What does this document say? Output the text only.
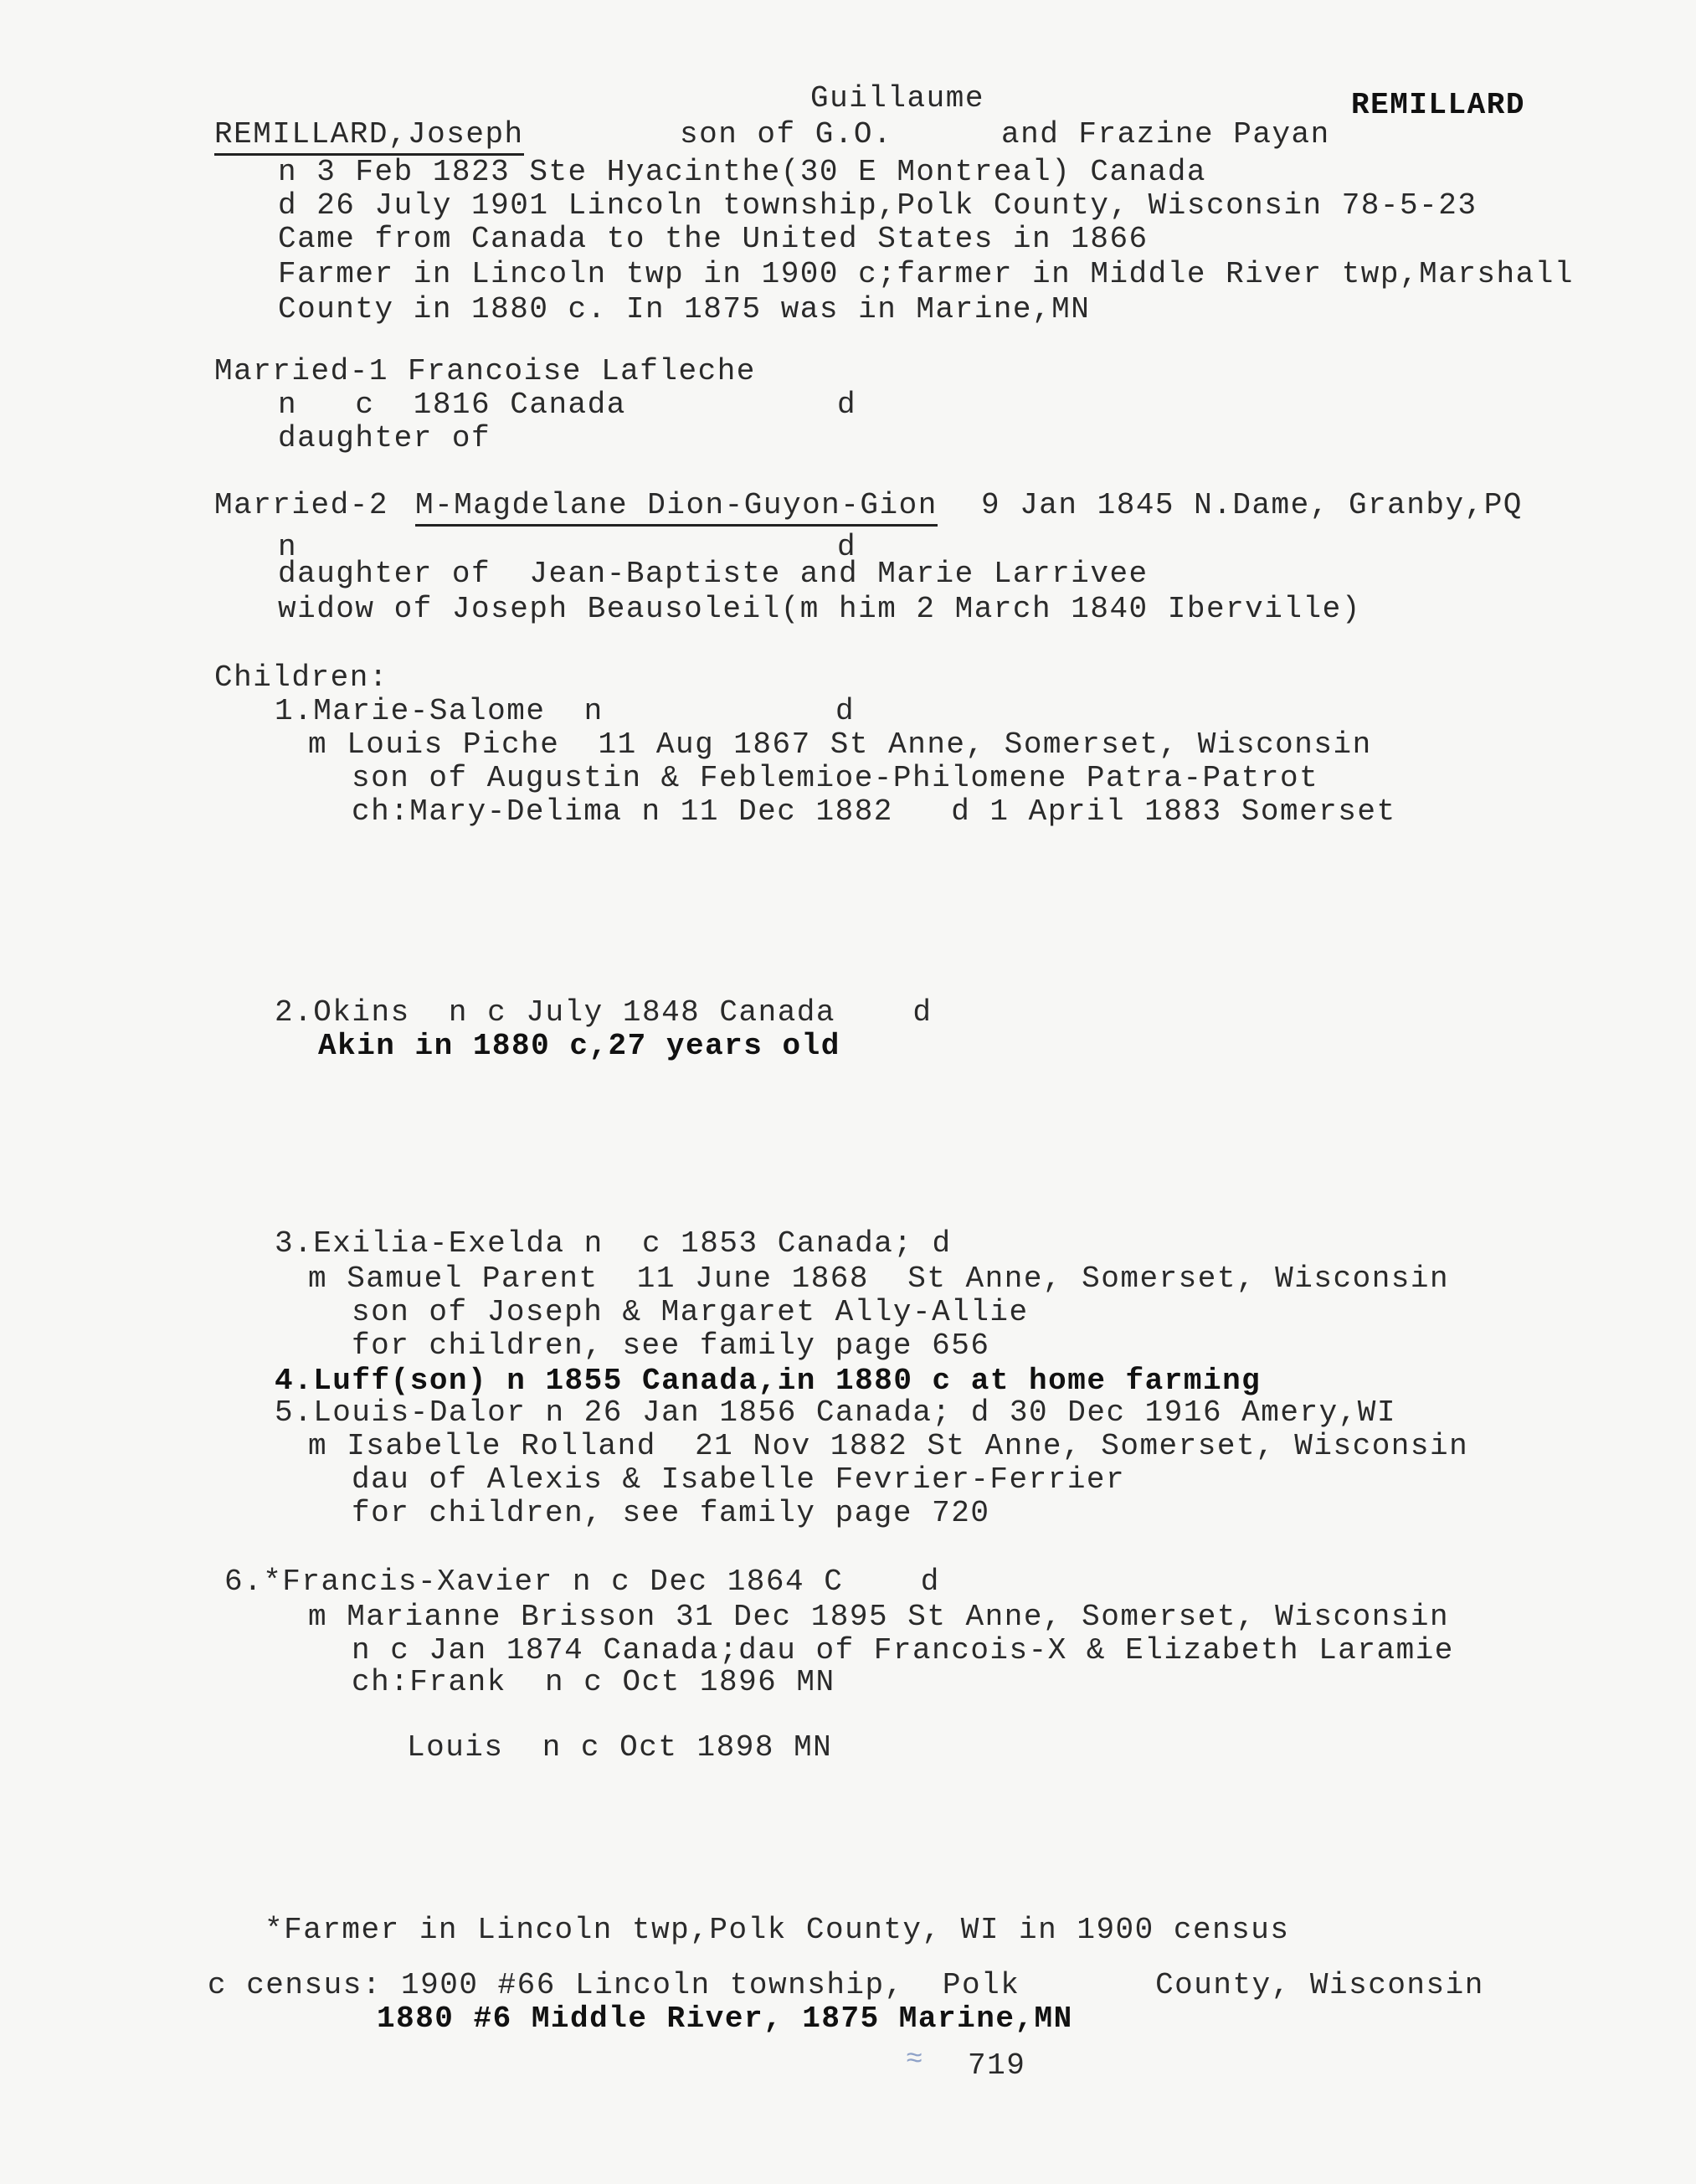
Guillaume	REMILLARD
REMILLARD,Joseph	son of G.O.	and Frazine Payan
n 3 Feb 1823 Ste Hyacinthe(30 E Montreal) Canada
d 26 July 1901 Lincoln township,Polk County, Wisconsin 78-5-23
Came from Canada to the United States in 1866
Farmer in Lincoln twp in 1900 c;farmer in Middle River twp,Marshall
County in 1880 c. In 1875 was in Marine,MN
Married-1 Francoise Lafleche
n   c  1816 Canada	d
daughter of
Married-2 M-Magdelane Dion-Guyon-Gion 9 Jan 1845 N.Dame, Granby,PQ
n	d
daughter of  Jean-Baptiste and Marie Larrivee
widow of Joseph Beausoleil(m him 2 March 1840 Iberville)
Children:
1.Marie-Salome  n            d
m Louis Piche  11 Aug 1867 St Anne, Somerset, Wisconsin
son of Augustin & Feblemioe-Philomene Patra-Patrot
ch:Mary-Delima n 11 Dec 1882   d 1 April 1883 Somerset
2.Okins  n c July 1848 Canada    d
Akin in 1880 c,27 years old
3.Exilia-Exelda n  c 1853 Canada; d
m Samuel Parent  11 June 1868  St Anne, Somerset, Wisconsin
son of Joseph & Margaret Ally-Allie
for children, see family page 656
4.Luff(son) n 1855 Canada,in 1880 c at home farming
5.Louis-Dalor n 26 Jan 1856 Canada; d 30 Dec 1916 Amery,WI
m Isabelle Rolland  21 Nov 1882 St Anne, Somerset, Wisconsin
dau of Alexis & Isabelle Fevrier-Ferrier
for children, see family page 720
6.*Francis-Xavier n c Dec 1864 C    d
m Marianne Brisson 31 Dec 1895 St Anne, Somerset, Wisconsin
n c Jan 1874 Canada;dau of Francois-X & Elizabeth Laramie
ch:Frank  n c Oct 1896 MN
Louis  n c Oct 1898 MN
*Farmer in Lincoln twp,Polk County, WI in 1900 census
c census: 1900 #66 Lincoln township,  Polk       County, Wisconsin
1880 #6 Middle River, 1875 Marine,MN
≈ 719
